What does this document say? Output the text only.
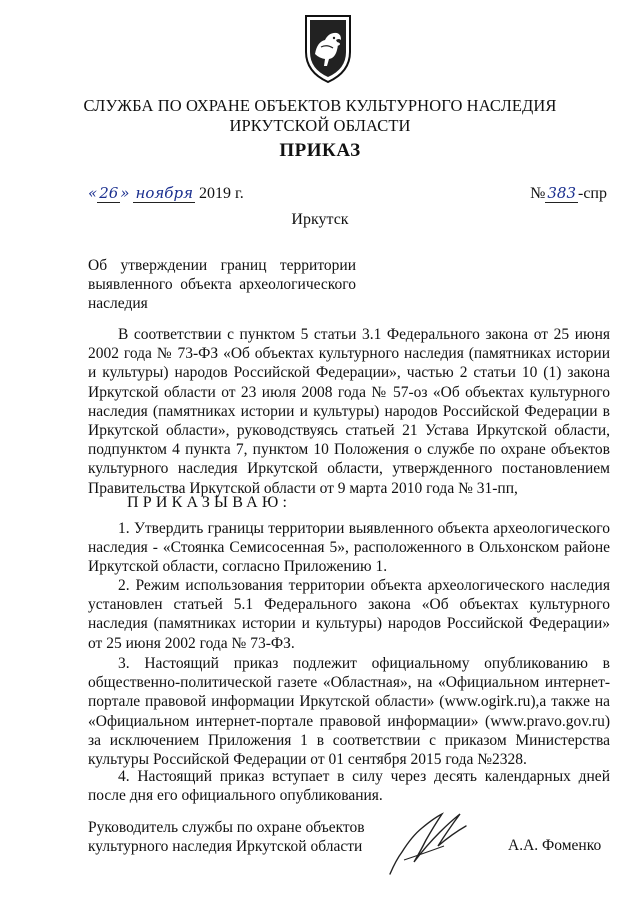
СЛУЖБА ПО ОХРАНЕ ОБЪЕКТОВ КУЛЬТУРНОГО НАСЛЕДИЯ
ИРКУТСКОЙ ОБЛАСТИ
ПРИКАЗ
« 26 » ноября 2019 г.	№ 383 -спр
Иркутск
Об утверждении границ территории выявленного объекта археологического наследия
В соответствии с пунктом 5 статьи 3.1 Федерального закона от 25 июня 2002 года № 73-ФЗ «Об объектах культурного наследия (памятниках истории и культуры) народов Российской Федерации», частью 2 статьи 10 (1) закона Иркутской области от 23 июля 2008 года № 57-оз «Об объектах культурного наследия (памятниках истории и культуры) народов Российской Федерации в Иркутской области», руководствуясь статьей 21 Устава Иркутской области, подпунктом 4 пункта 7, пунктом 10 Положения о службе по охране объектов культурного наследия Иркутской области, утвержденного постановлением Правительства Иркутской области от 9 марта 2010 года № 31-пп,
ПРИКАЗЫВАЮ:
1. Утвердить границы территории выявленного объекта археологического наследия - «Стоянка Семисосенная 5», расположенного в Ольхонском районе Иркутской области, согласно Приложению 1.
2. Режим использования территории объекта археологического наследия установлен статьей 5.1 Федерального закона «Об объектах культурного наследия (памятниках истории и культуры) народов Российской Федерации» от 25 июня 2002 года № 73-ФЗ.
3. Настоящий приказ подлежит официальному опубликованию в общественно-политической газете «Областная», на «Официальном интернет-портале правовой информации Иркутской области» (www.ogirk.ru),а также на «Официальном интернет-портале правовой информации» (www.pravo.gov.ru) за исключением Приложения 1 в соответствии с приказом Министерства культуры Российской Федерации от 01 сентября 2015 года №2328.
4. Настоящий приказ вступает в силу через десять календарных дней после дня его официального опубликования.
Руководитель службы по охране объектов
культурного наследия Иркутской области	А.А. Фоменко
